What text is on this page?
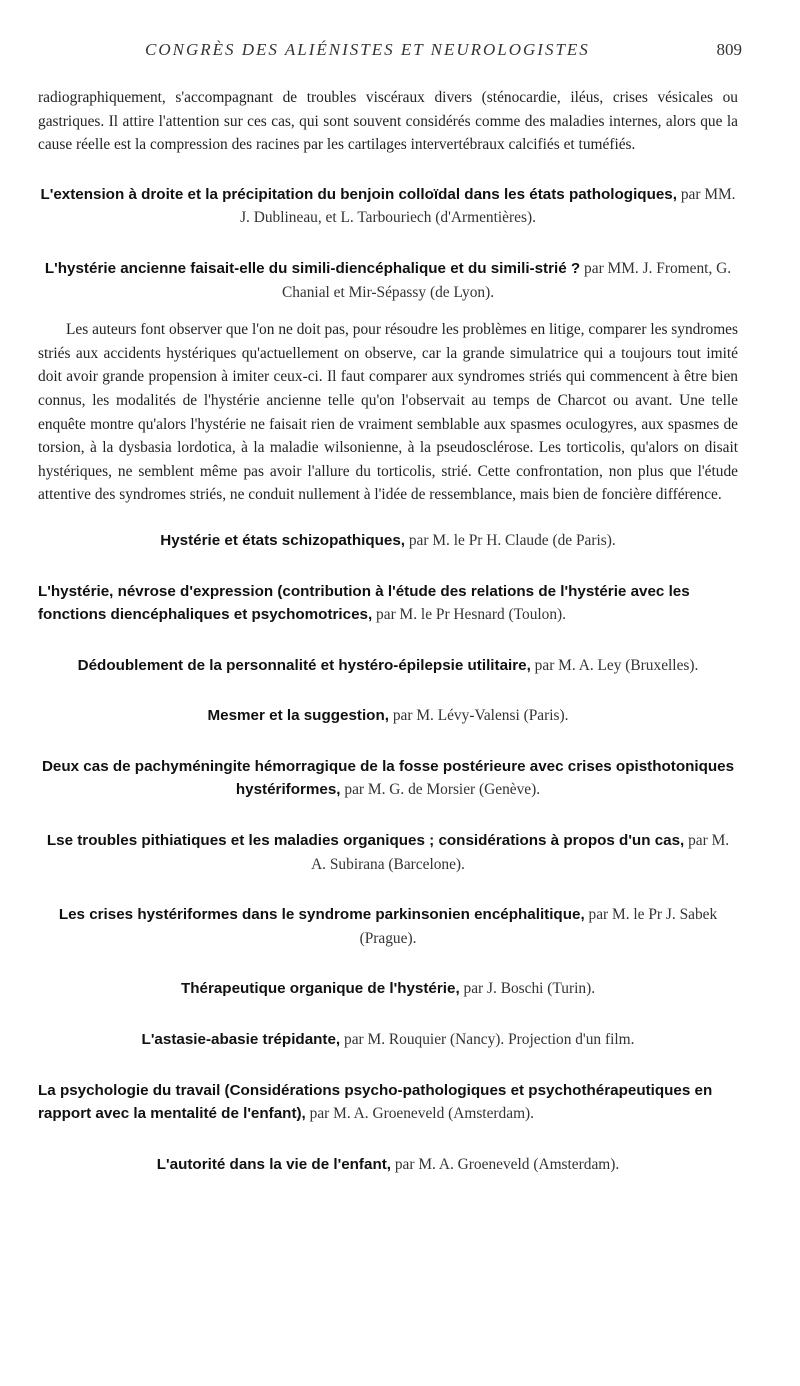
CONGRÈS DES ALIÉNISTES ET NEUROLOGISTES	809

radiographiquement, s'accompagnant de troubles viscéraux divers (sténocardie, iléus, crises vésicales ou gastriques. Il attire l'attention sur ces cas, qui sont souvent considérés comme des maladies internes, alors que la cause réelle est la compression des racines par les cartilages intervertébraux calcifiés et tuméfiés.

L'extension à droite et la précipitation du benjoin colloïdal dans les états pathologiques, par MM. J. Dublineau, et L. Tarbouriech (d'Armentières).
L'hystérie ancienne faisait-elle du simili-diencéphalique et du simili-strié ? par MM. J. Froment, G. Chanial et Mir-Sépassy (de Lyon).

Les auteurs font observer que l'on ne doit pas, pour résoudre les problèmes en litige, comparer les syndromes striés aux accidents hystériques qu'actuellement on observe, car la grande simulatrice qui a toujours tout imité doit avoir grande propension à imiter ceux-ci. Il faut comparer aux syndromes striés qui commencent à être bien connus, les modalités de l'hystérie ancienne telle qu'on l'observait au temps de Charcot ou avant. Une telle enquête montre qu'alors l'hystérie ne faisait rien de vraiment semblable aux spasmes oculogyres, aux spasmes de torsion, à la dysbasia lordotica, à la maladie wilsonienne, à la pseudosclérose. Les torticolis, qu'alors on disait hystériques, ne semblent même pas avoir l'allure du torticolis, strié. Cette confrontation, non plus que l'étude attentive des syndromes striés, ne conduit nullement à l'idée de ressemblance, mais bien de foncière différence.

Hystérie et états schizopathiques, par M. le Pr H. Claude (de Paris).
L'hystérie, névrose d'expression (contribution à l'étude des relations de l'hystérie avec les fonctions diencéphaliques et psychomotrices, par M. le Pr Hesnard (Toulon).
Dédoublement de la personnalité et hystéro-épilepsie utilitaire, par M. A. Ley (Bruxelles).
Mesmer et la suggestion, par M. Lévy-Valensi (Paris).
Deux cas de pachyméningite hémorragique de la fosse postérieure avec crises opisthotoniques hystériformes, par M. G. de Morsier (Genève).
Lse troubles pithiatiques et les maladies organiques ; considérations à propos d'un cas, par M. A. Subirana (Barcelone).
Les crises hystériformes dans le syndrome parkinsonien encéphalitique, par M. le Pr J. Sabek (Prague).
Thérapeutique organique de l'hystérie, par J. Boschi (Turin).
L'astasie-abasie trépidante, par M. Rouquier (Nancy). Projection d'un film.
La psychologie du travail (Considérations psycho-pathologiques et psychothérapeutiques en rapport avec la mentalité de l'enfant), par M. A. Groeneveld (Amsterdam).
L'autorité dans la vie de l'enfant, par M. A. Groeneveld (Amsterdam).
